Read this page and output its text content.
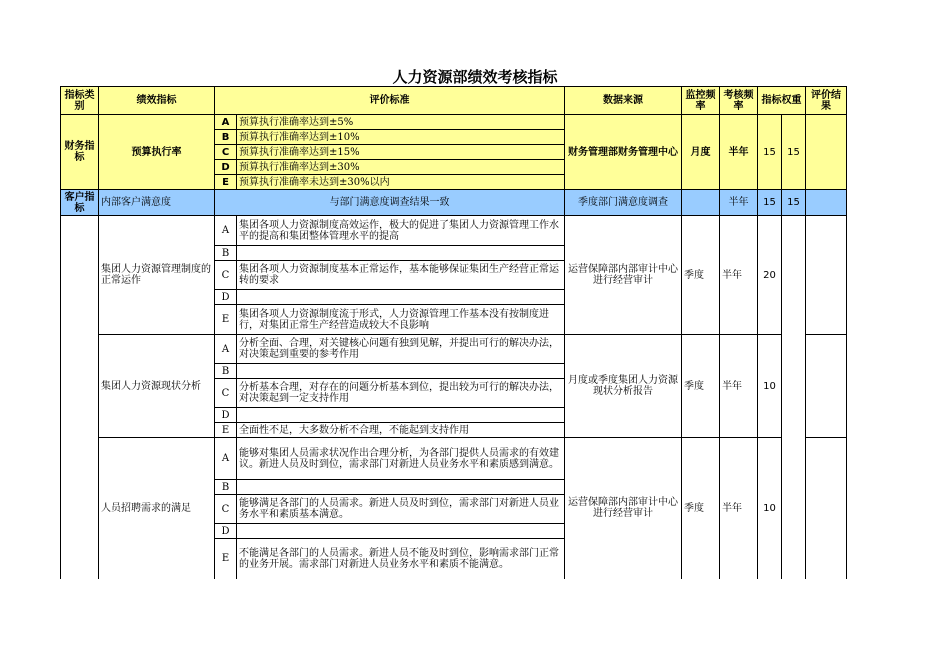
人力资源部绩效考核指标
指标类别	绩效指标	评价标准		数据来源	监控频率	考核频率	指标权重		评价结果
财务指标	预算执行率	A	预算执行准确率达到±5%	财务管理部财务管理中心	月度	半年	15	15	
		B	预算执行准确率达到±10%						
		C	预算执行准确率达到±15%						
		D	预算执行准确率达到±30%						
		E	预算执行准确率未达到±30%以内						
客户指标	内部客户满意度	与部门满意度调查结果一致		季度部门满意度调查		半年	15	15	
	集团人力资源管理制度的正常运作	A	集团各项人力资源制度高效运作，极大的促进了集团人力资源管理工作水平的提高和集团整体管理水平的提高	运营保障部内部审计中心进行经营审计	季度	半年	20		
		B							
		C	集团各项人力资源制度基本正常运作，基本能够保证集团生产经营正常运转的要求						
		D							
		E	集团各项人力资源制度流于形式，人力资源管理工作基本没有按制度进行，对集团正常生产经营造成较大不良影响						
	集团人力资源现状分析	A	分析全面、合理，对关键核心问题有独到见解，并提出可行的解决办法，对决策起到重要的参考作用	月度或季度集团人力资源现状分析报告	季度	半年	10		
		B							
		C	分析基本合理，对存在的问题分析基本到位，提出较为可行的解决办法，对决策起到一定支持作用						
		D							
		E	全面性不足，大多数分析不合理，不能起到支持作用						
	人员招聘需求的满足	A	能够对集团人员需求状况作出合理分析，为各部门提供人员需求的有效建议。新进人员及时到位，需求部门对新进人员业务水平和素质感到满意。	运营保障部内部审计中心进行经营审计	季度	半年	10		
		B							
		C	能够满足各部门的人员需求。新进人员及时到位，需求部门对新进人员业务水平和素质基本满意。						
		D							
		E	不能满足各部门的人员需求。新进人员不能及时到位，影响需求部门正常的业务开展。需求部门对新进人员业务水平和素质不能满意。						
